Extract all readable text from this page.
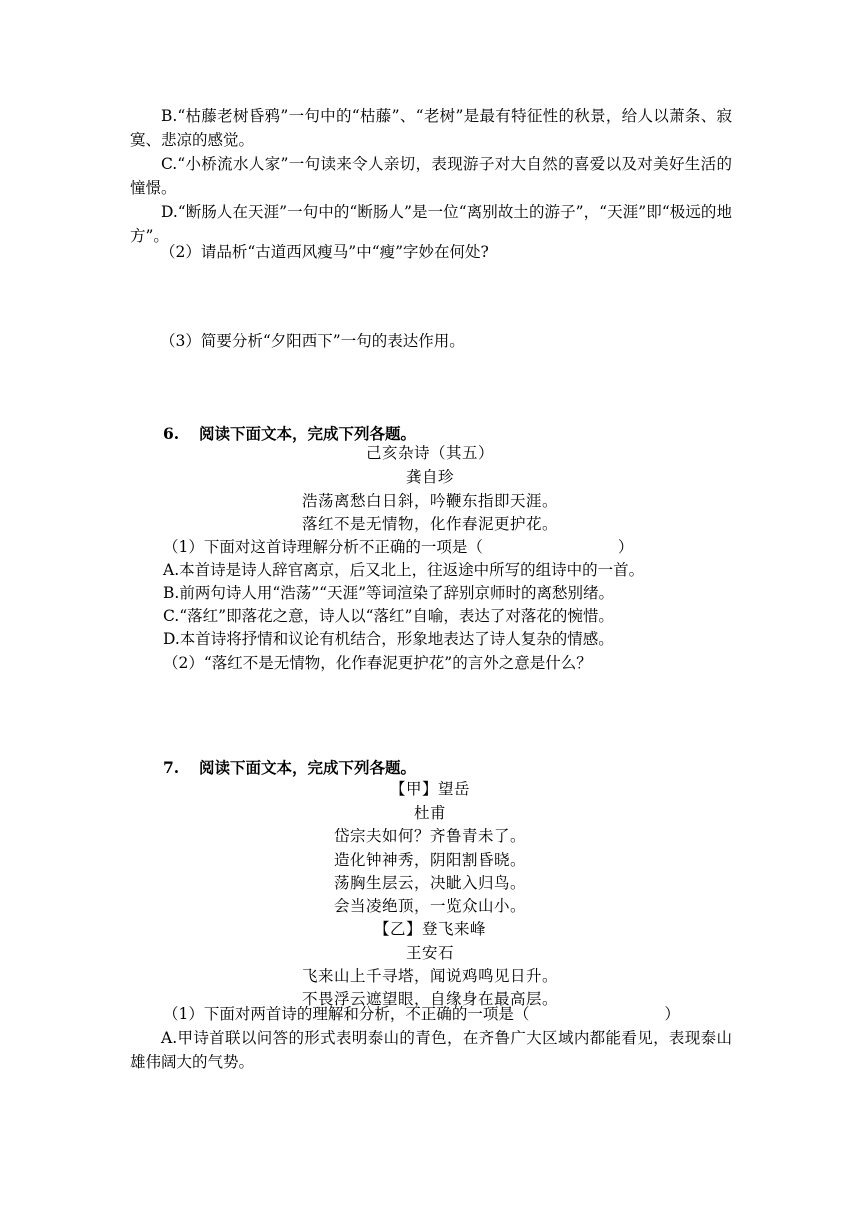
B.“枯藤老树昏鸦”一句中的“枯藤”、“老树”是最有特征性的秋景，给人以萧条、寂寞、悲凉的感觉。

C.“小桥流水人家”一句读来令人亲切，表现游子对大自然的喜爱以及对美好生活的憧憬。

D.“断肠人在天涯”一句中的“断肠人”是一位“离别故土的游子”，“天涯”即“极远的地方”。

（2）请品析“古道西风瘦马”中“瘦”字妙在何处?
（3）简要分析“夕阳西下”一句的表达作用。
6. 阅读下面文本，完成下列各题。
己亥杂诗（其五）
龚自珍
浩荡离愁白日斜，吟鞭东指即天涯。
落红不是无情物，化作春泥更护花。
（1）下面对这首诗理解分析不正确的一项是（	）
A.本首诗是诗人辞官离京，后又北上，往返途中所写的组诗中的一首。
B.前两句诗人用“浩荡”“天涯”等词渲染了辞别京师时的离愁别绪。
C.“落红”即落花之意，诗人以“落红”自喻，表达了对落花的惋惜。
D.本首诗将抒情和议论有机结合，形象地表达了诗人复杂的情感。
（2）“落红不是无情物，化作春泥更护花”的言外之意是什么？
7. 阅读下面文本，完成下列各题。
【甲】望岳
杜甫
岱宗夫如何？齐鲁青未了。
造化钟神秀，阴阳割昏晓。
荡胸生层云，决眦入归鸟。
会当凌绝顶，一览众山小。
【乙】登飞来峰
王安石
飞来山上千寻塔，闻说鸡鸣见日升。
不畏浮云遮望眼，自缘身在最高层。
（1）下面对两首诗的理解和分析，不正确的一项是（	）

A.甲诗首联以问答的形式表明泰山的青色，在齐鲁广大区域内都能看见，表现泰山雄伟阔大的气势。
